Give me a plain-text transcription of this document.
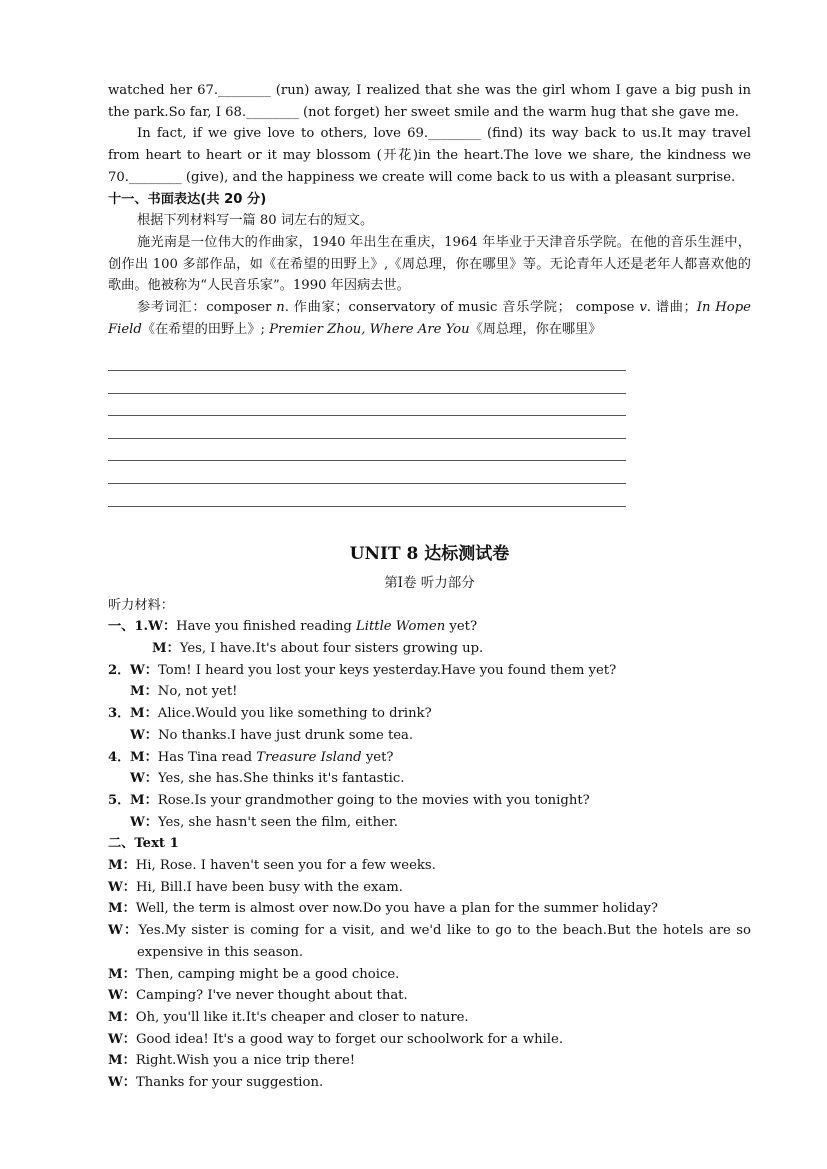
watched her 67.________ (run) away, I realized that she was the girl whom I gave a big push in the park.So far, I 68.________ (not forget) her sweet smile and the warm hug that she gave me.

In fact, if we give love to others, love 69.________ (find) its way back to us.It may travel from heart to heart or it may blossom (开花)in the heart.The love we share, the kindness we 70.________ (give), and the happiness we create will come back to us with a pleasant surprise.

十一、书面表达(共 20 分)

根据下列材料写一篇 80 词左右的短文。

施光南是一位伟大的作曲家，1940 年出生在重庆，1964 年毕业于天津音乐学院。在他的音乐生涯中，创作出 100 多部作品，如《在希望的田野上》,《周总理，你在哪里》等。无论青年人还是老年人都喜欢他的歌曲。他被称为“人民音乐家”。1990 年因病去世。

参考词汇：composer n. 作曲家；conservatory of music 音乐学院； compose v. 谱曲；In Hope Field《在希望的田野上》; Premier Zhou, Where Are You《周总理，你在哪里》

UNIT 8 达标测试卷
第Ⅰ卷 听力部分

听力材料：

一、1.W：Have you finished reading Little Women yet?

M：Yes, I have.It's about four sisters growing up.

2．W：Tom! I heard you lost your keys yesterday.Have you found them yet?

M：No, not yet!

3．M：Alice.Would you like something to drink?

W：No thanks.I have just drunk some tea.

4．M：Has Tina read Treasure Island yet?

W：Yes, she has.She thinks it's fantastic.

5．M：Rose.Is your grandmother going to the movies with you tonight?

W：Yes, she hasn't seen the film, either.

二、Text 1

M：Hi, Rose. I haven't seen you for a few weeks.

W：Hi, Bill.I have been busy with the exam.

M：Well, the term is almost over now.Do you have a plan for the summer holiday?

W：Yes.My sister is coming for a visit, and we'd like to go to the beach.But the hotels are so expensive in this season.

M：Then, camping might be a good choice.

W：Camping? I've never thought about that.

M：Oh, you'll like it.It's cheaper and closer to nature.

W：Good idea! It's a good way to forget our schoolwork for a while.

M：Right.Wish you a nice trip there!

W：Thanks for your suggestion.
